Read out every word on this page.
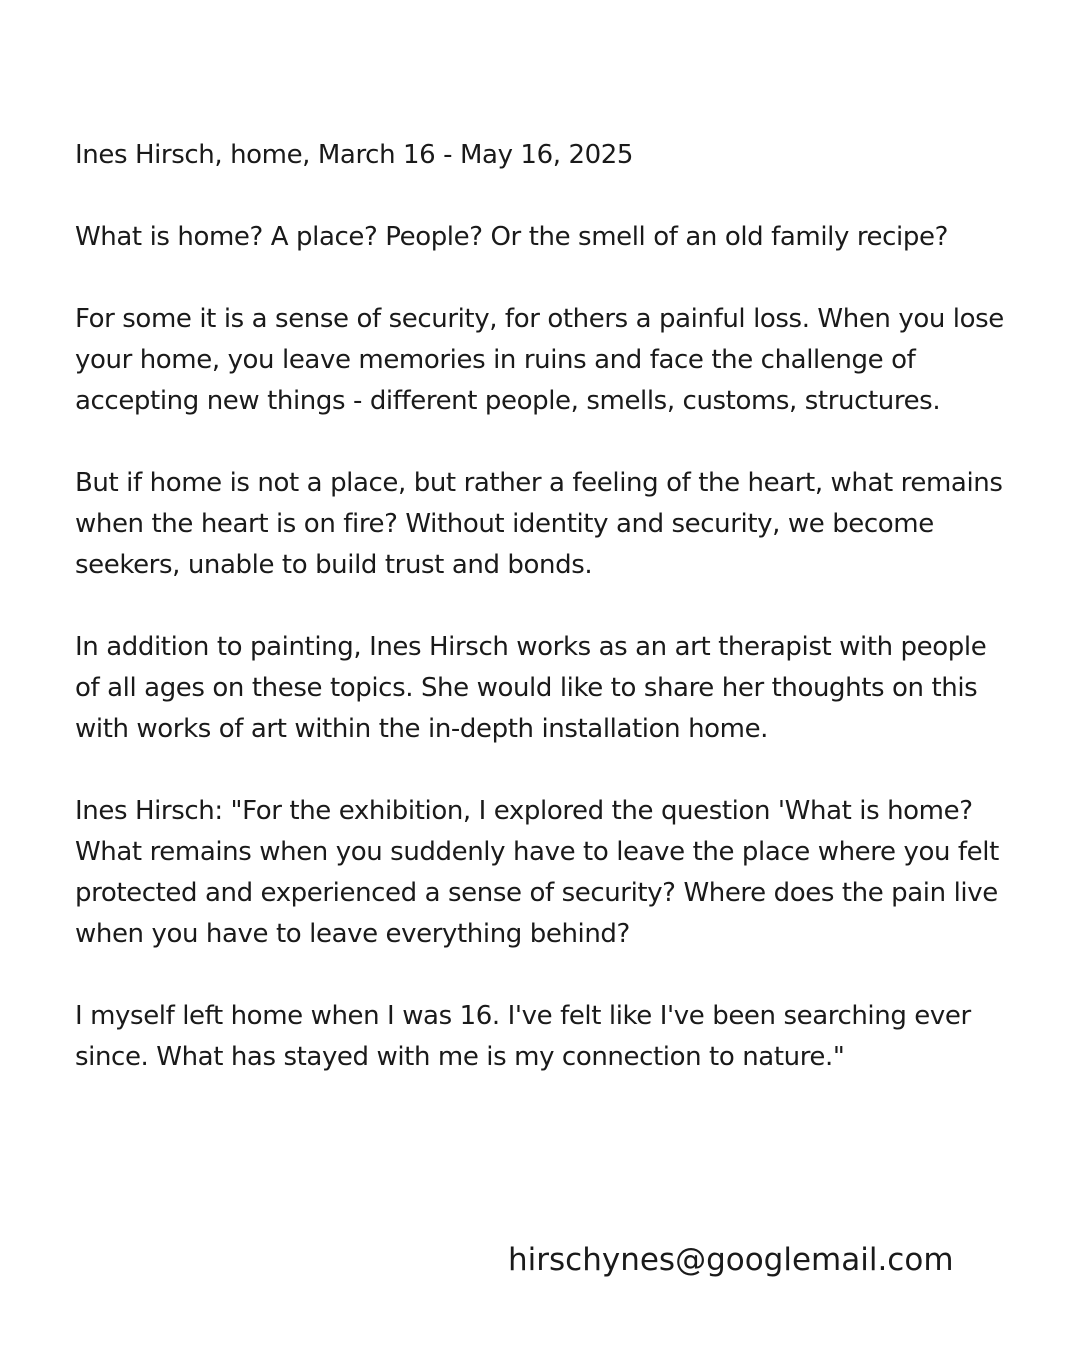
Ines Hirsch, home, March 16 - May 16, 2025

What is home? A place? People? Or the smell of an old family recipe?

For some it is a sense of security, for others a painful loss. When you lose your home, you leave memories in ruins and face the challenge of accepting new things - different people, smells, customs, structures.

But if home is not a place, but rather a feeling of the heart, what remains when the heart is on fire? Without identity and security, we become seekers, unable to build trust and bonds.

In addition to painting, Ines Hirsch works as an art therapist with people of all ages on these topics. She would like to share her thoughts on this with works of art within the in-depth installation home.

Ines Hirsch: "For the exhibition, I explored the question 'What is home? What remains when you suddenly have to leave the place where you felt protected and experienced a sense of security? Where does the pain live when you have to leave everything behind?

I myself left home when I was 16. I've felt like I've been searching ever since. What has stayed with me is my connection to nature."

hirschynes@googlemail.com
